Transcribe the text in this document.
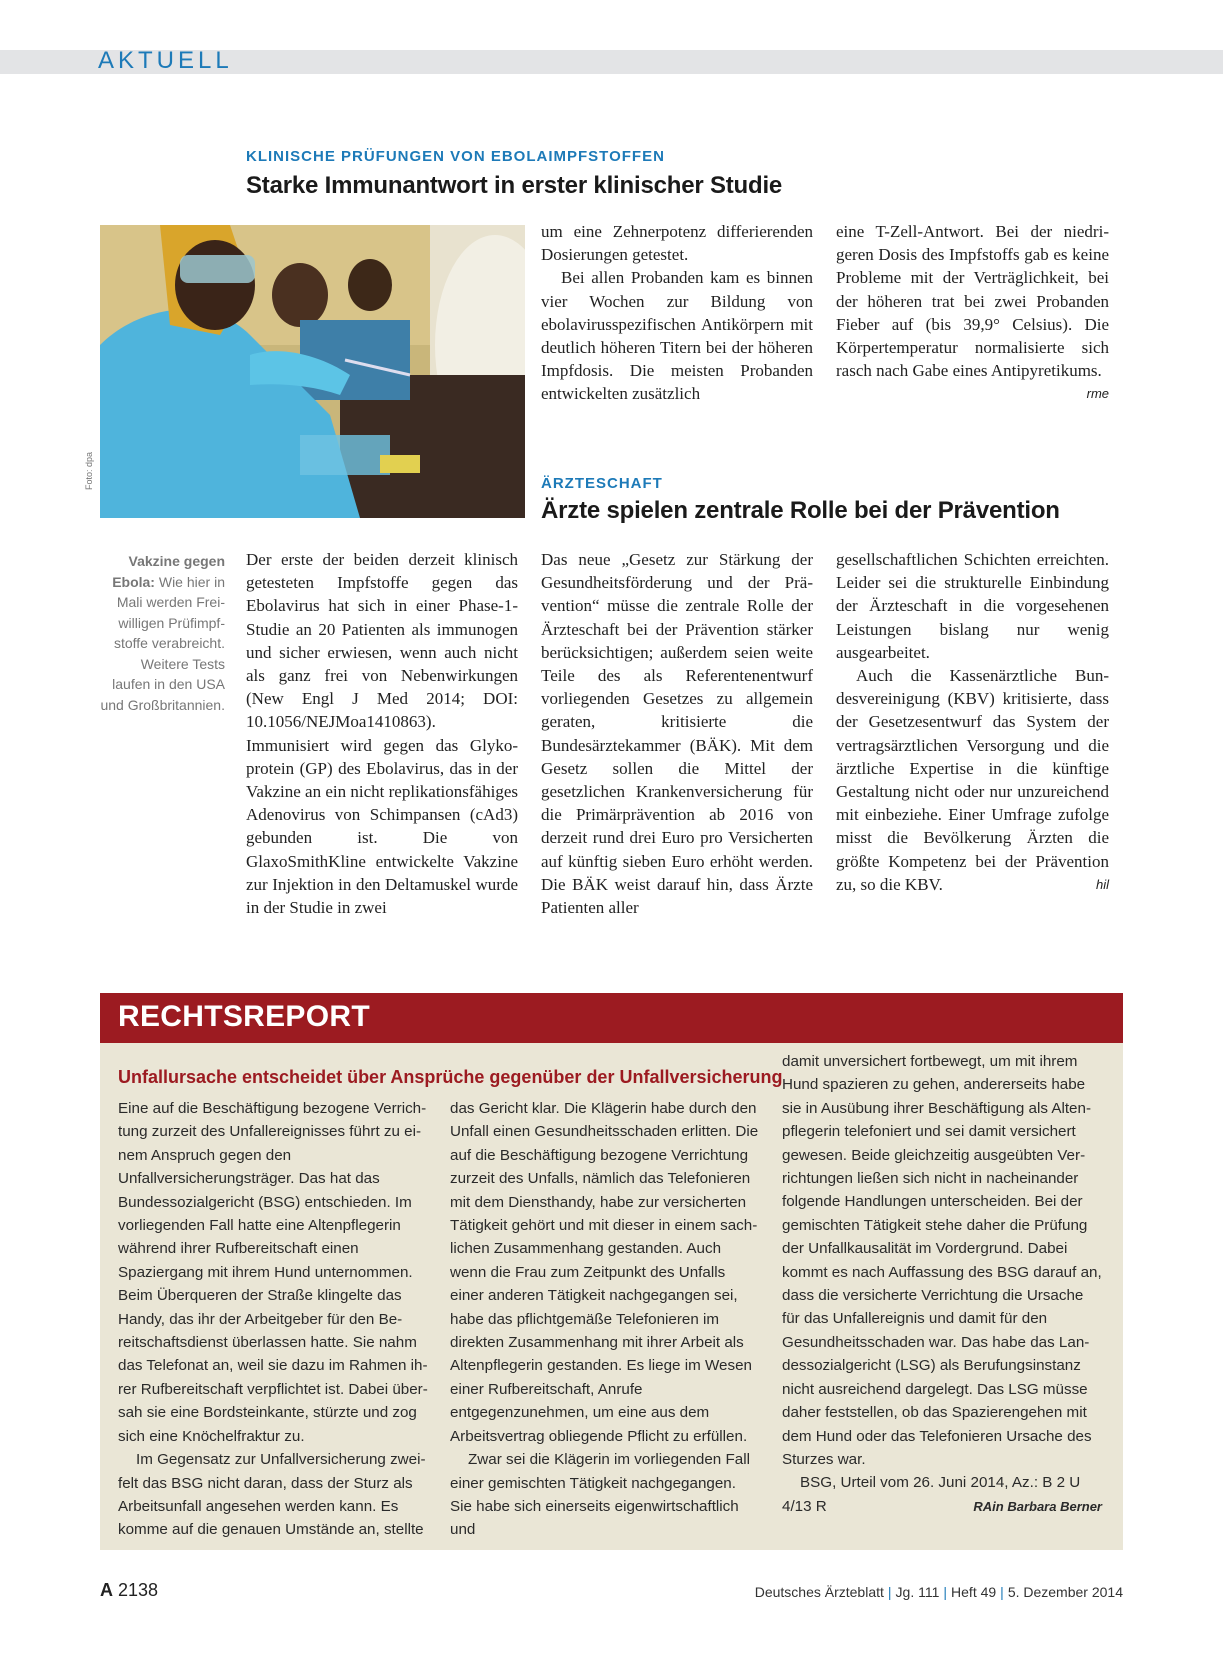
AKTUELL
KLINISCHE PRÜFUNGEN VON EBOLAIMPFSTOFFEN
Starke Immunantwort in erster klinischer Studie
Foto: dpa
Vakzine gegen Ebola: Wie hier in Mali werden Freiwilligen Prüfimpfstoffe verabreicht. Weitere Tests laufen in den USA und Großbritannien.

Der erste der beiden derzeit klinisch getesteten Impfstoffe gegen das Ebolavirus hat sich in einer Phase-1-Studie an 20 Patienten als immunogen und sicher erwiesen, wenn auch nicht als ganz frei von Nebenwirkungen (New Engl J Med 2014; DOI: 10.1056/NEJMoa1410863). Immunisiert wird gegen das Glykoprotein (GP) des Ebolavirus, das in der Vakzine an ein nicht replikationsfähiges Adenovirus von Schimpansen (cAd3) gebunden ist. Die von GlaxoSmithKline entwickelte Vakzine zur Injektion in den Deltamuskel wurde in der Studie in zwei

um eine Zehnerpotenz differierenden Dosierungen getestet.

Bei allen Probanden kam es binnen vier Wochen zur Bildung von ebolavirusspezifischen Antikörpern mit deutlich höheren Titern bei der höheren Impfdosis. Die meisten Probanden entwickelten zusätzlich

eine T-Zell-Antwort. Bei der niedrigeren Dosis des Impfstoffs gab es keine Probleme mit der Verträglichkeit, bei der höheren trat bei zwei Probanden Fieber auf (bis 39,9° Celsius). Die Körpertemperatur normalisierte sich rasch nach Gabe eines Antipyretikums.
rme

ÄRZTESCHAFT
Ärzte spielen zentrale Rolle bei der Prävention

Das neue „Gesetz zur Stärkung der Gesundheitsförderung und der Prävention“ müsse die zentrale Rolle der Ärzteschaft bei der Prävention stärker berücksichtigen; außerdem seien weite Teile des als Referentenentwurf vorliegenden Gesetzes zu allgemein geraten, kritisierte die Bundesärztekammer (BÄK). Mit dem Gesetz sollen die Mittel der gesetzlichen Krankenversicherung für die Primärprävention ab 2016 von derzeit rund drei Euro pro Versicherten auf künftig sieben Euro erhöht werden. Die BÄK weist darauf hin, dass Ärzte Patienten aller

gesellschaftlichen Schichten erreichten. Leider sei die strukturelle Einbindung der Ärzteschaft in die vorgesehenen Leistungen bislang nur wenig ausgearbeitet.

Auch die Kassenärztliche Bundesvereinigung (KBV) kritisierte, dass der Gesetzesentwurf das System der vertragsärztlichen Versorgung und die ärztliche Expertise in die künftige Gestaltung nicht oder nur unzureichend mit einbeziehe. Einer Umfrage zufolge misst die Bevölkerung Ärzten die größte Kompetenz bei der Prävention zu, so die KBV.	hil

RECHTSREPORT
Unfallursache entscheidet über Ansprüche gegenüber der Unfallversicherung

Eine auf die Beschäftigung bezogene Verrichtung zurzeit des Unfallereignisses führt zu einem Anspruch gegen den Unfallversicherungsträger. Das hat das Bundessozialgericht (BSG) entschieden. Im vorliegenden Fall hatte eine Altenpflegerin während ihrer Rufbereitschaft einen Spaziergang mit ihrem Hund unternommen. Beim Überqueren der Straße klingelte das Handy, das ihr der Arbeitgeber für den Bereitschaftsdienst überlassen hatte. Sie nahm das Telefonat an, weil sie dazu im Rahmen ihrer Rufbereitschaft verpflichtet ist. Dabei übersah sie eine Bordsteinkante, stürzte und zog sich eine Knöchelfraktur zu.

Im Gegensatz zur Unfallversicherung zweifelt das BSG nicht daran, dass der Sturz als Arbeitsunfall angesehen werden kann. Es komme auf die genauen Umstände an, stellte

das Gericht klar. Die Klägerin habe durch den Unfall einen Gesundheitsschaden erlitten. Die auf die Beschäftigung bezogene Verrichtung zurzeit des Unfalls, nämlich das Telefonieren mit dem Diensthandy, habe zur versicherten Tätigkeit gehört und mit dieser in einem sachlichen Zusammenhang gestanden. Auch wenn die Frau zum Zeitpunkt des Unfalls einer anderen Tätigkeit nachgegangen sei, habe das pflichtgemäße Telefonieren im direkten Zusammenhang mit ihrer Arbeit als Altenpflegerin gestanden. Es liege im Wesen einer Rufbereitschaft, Anrufe entgegenzunehmen, um eine aus dem Arbeitsvertrag obliegende Pflicht zu erfüllen.

Zwar sei die Klägerin im vorliegenden Fall einer gemischten Tätigkeit nachgegangen. Sie habe sich einerseits eigenwirtschaftlich und

damit unversichert fortbewegt, um mit ihrem Hund spazieren zu gehen, andererseits habe sie in Ausübung ihrer Beschäftigung als Altenpflegerin telefoniert und sei damit versichert gewesen. Beide gleichzeitig ausgeübten Verrichtungen ließen sich nicht in nacheinander folgende Handlungen unterscheiden. Bei der gemischten Tätigkeit stehe daher die Prüfung der Unfallkausalität im Vordergrund. Dabei kommt es nach Auffassung des BSG darauf an, dass die versicherte Verrichtung die Ursache für das Unfallereignis und damit für den Gesundheitsschaden war. Das habe das Landessozialgericht (LSG) als Berufungsinstanz nicht ausreichend dargelegt. Das LSG müsse daher feststellen, ob das Spazierengehen mit dem Hund oder das Telefonieren Ursache des Sturzes war.

BSG, Urteil vom 26. Juni 2014, Az.: B 2 U 4/13 R	RAin Barbara Berner

A 2138	Deutsches Ärzteblatt | Jg. 111 | Heft 49 | 5. Dezember 2014
